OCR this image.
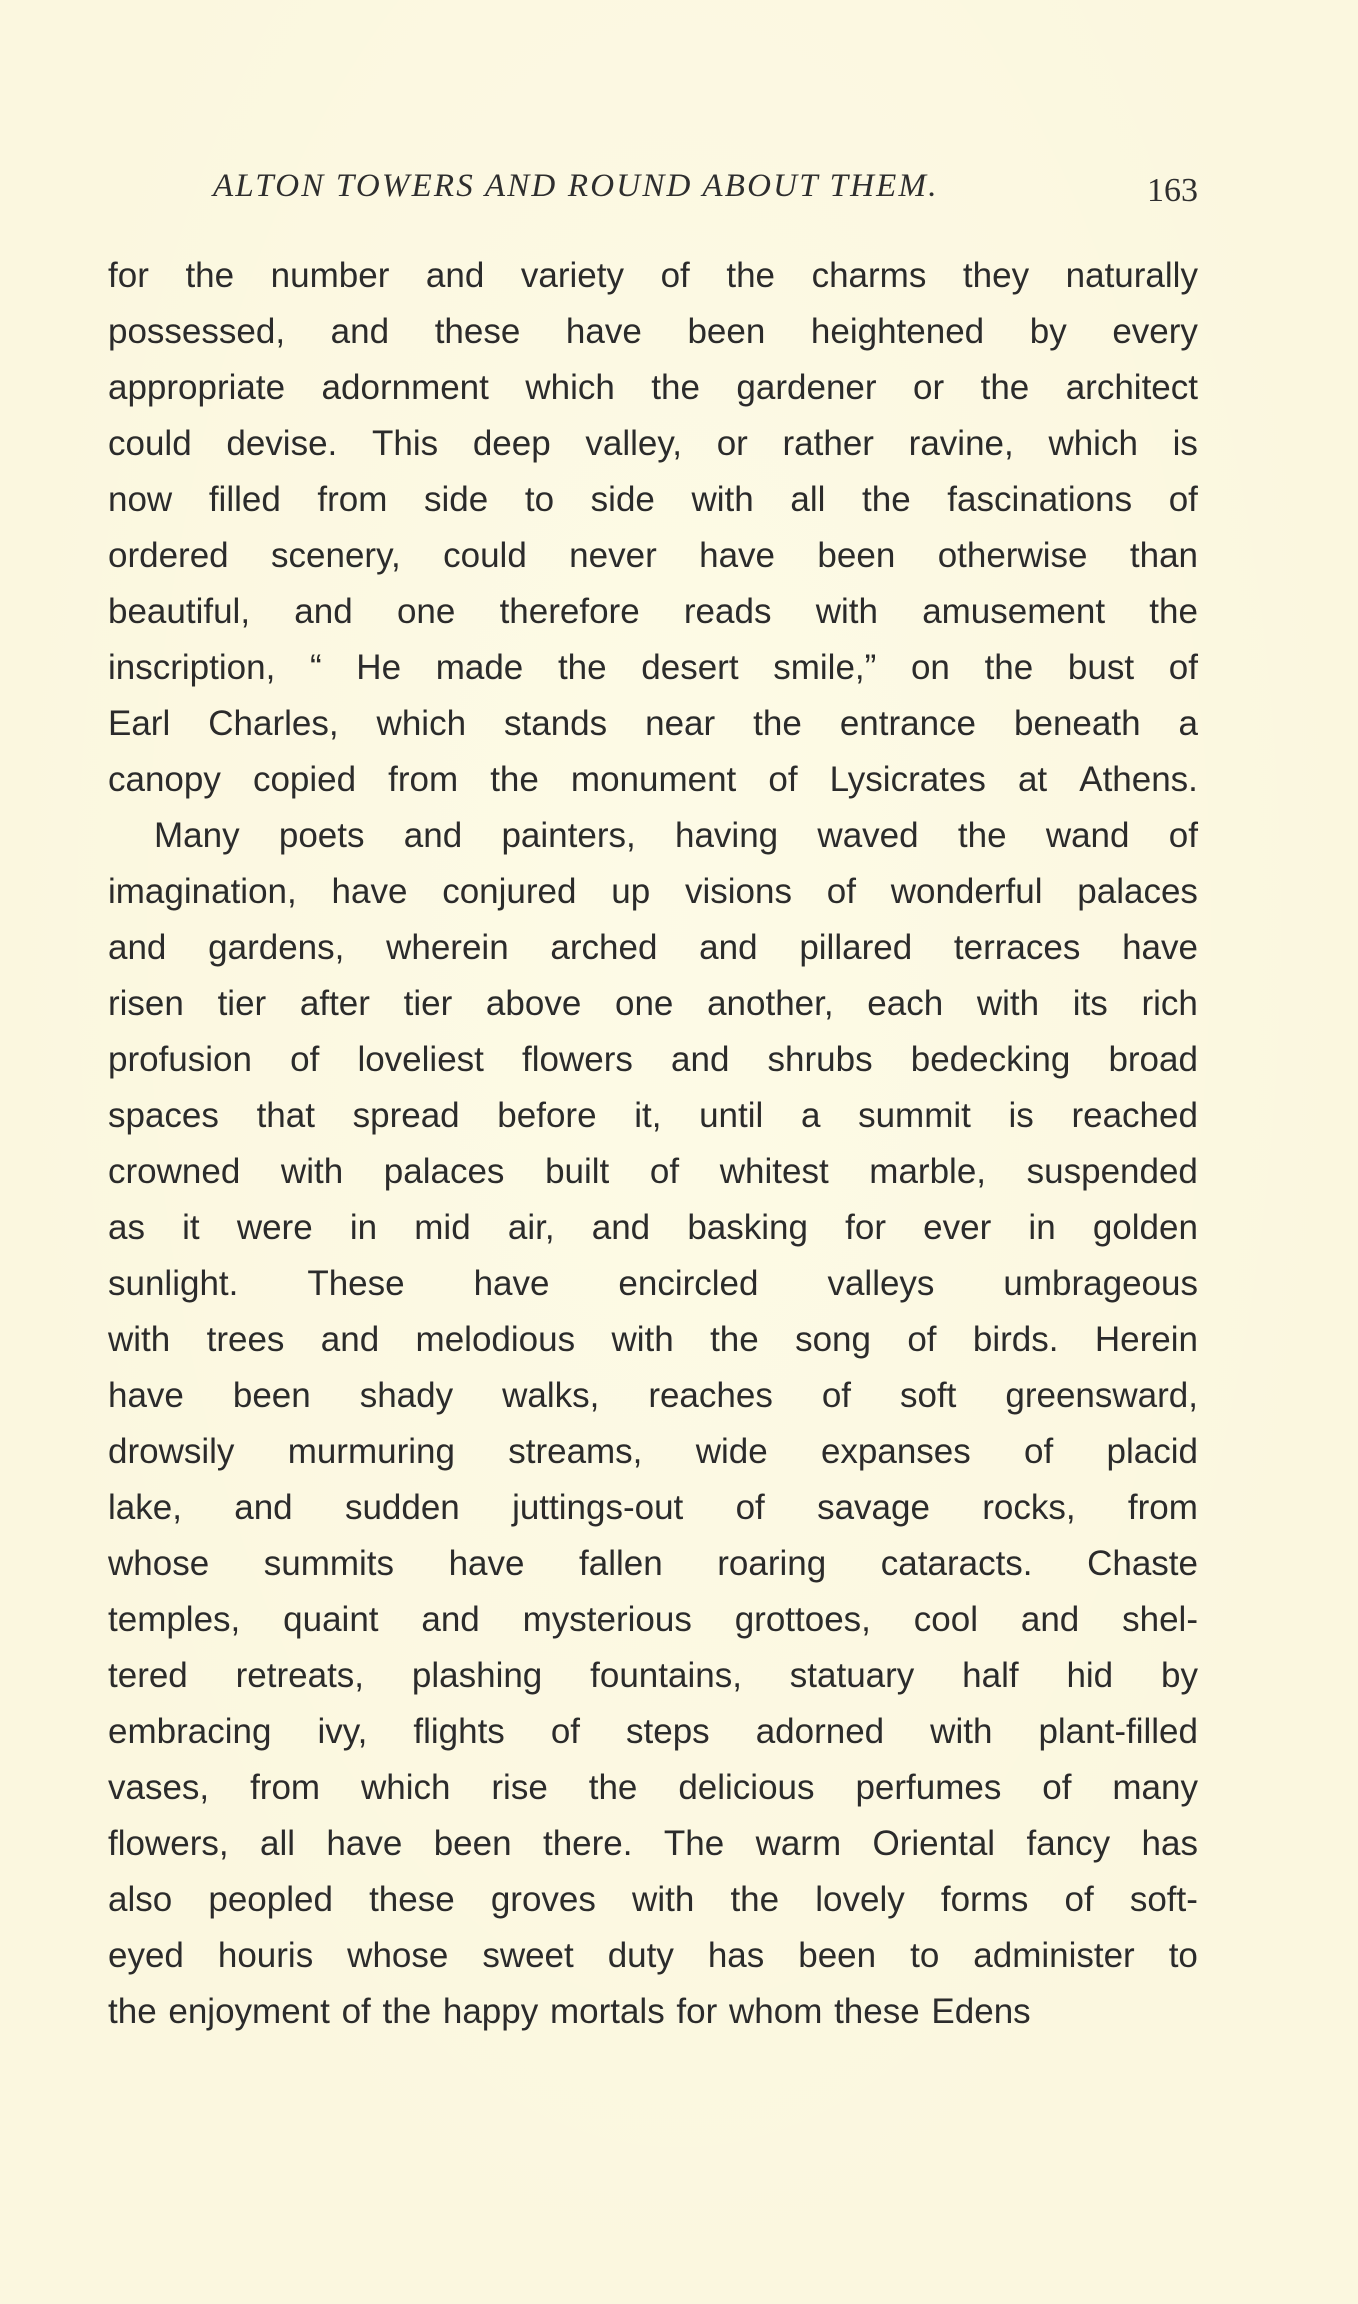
ALTON TOWERS AND ROUND ABOUT THEM.	163
for the number and variety of the charms they naturally
possessed, and these have been heightened by every
appropriate adornment which the gardener or the architect
could devise. This deep valley, or rather ravine, which is
now filled from side to side with all the fascinations of
ordered scenery, could never have been otherwise than
beautiful, and one therefore reads with amusement the
inscription, “ He made the desert smile,” on the bust of
Earl Charles, which stands near the entrance beneath a
canopy copied from the monument of Lysicrates at Athens.
Many poets and painters, having waved the wand of
imagination, have conjured up visions of wonderful palaces
and gardens, wherein arched and pillared terraces have
risen tier after tier above one another, each with its rich
profusion of loveliest flowers and shrubs bedecking broad
spaces that spread before it, until a summit is reached
crowned with palaces built of whitest marble, suspended
as it were in mid air, and basking for ever in golden
sunlight. These have encircled valleys umbrageous
with trees and melodious with the song of birds. Herein
have been shady walks, reaches of soft greensward,
drowsily murmuring streams, wide expanses of placid
lake, and sudden juttings-out of savage rocks, from
whose summits have fallen roaring cataracts. Chaste
temples, quaint and mysterious grottoes, cool and shel-
tered retreats, plashing fountains, statuary half hid by
embracing ivy, flights of steps adorned with plant-filled
vases, from which rise the delicious perfumes of many
flowers, all have been there. The warm Oriental fancy has
also peopled these groves with the lovely forms of soft-
eyed houris whose sweet duty has been to administer to
the enjoyment of the happy mortals for whom these Edens
